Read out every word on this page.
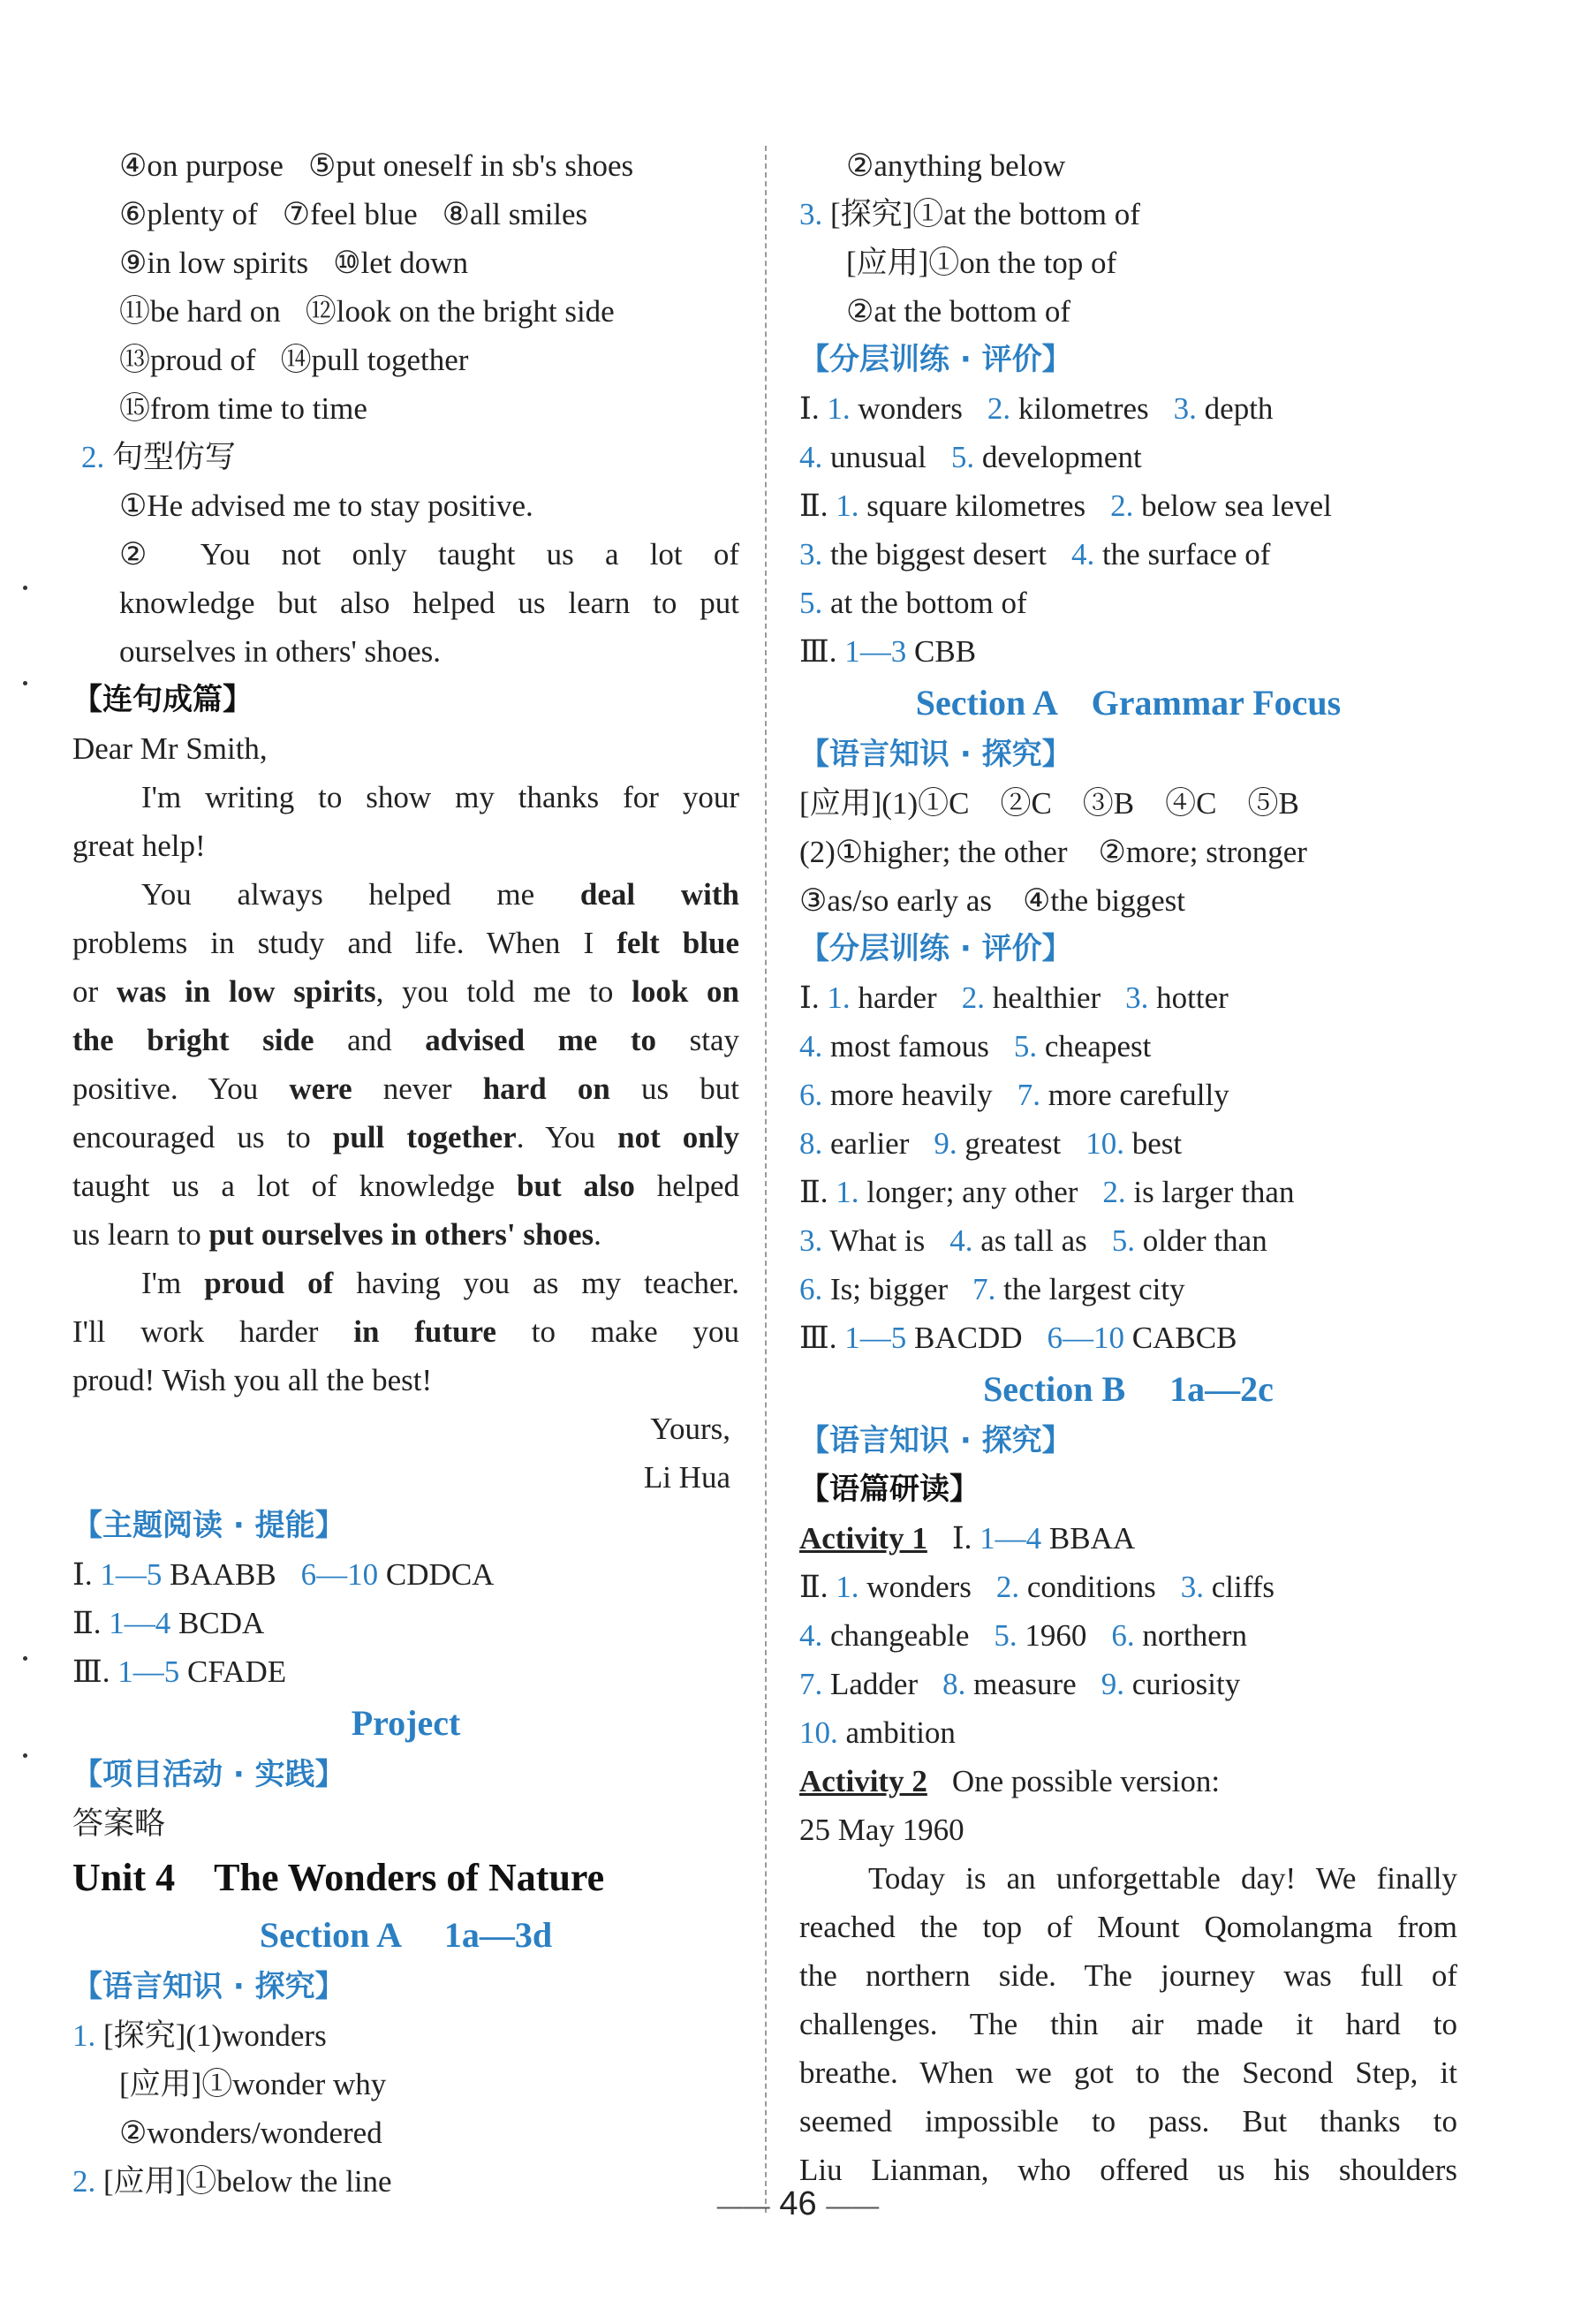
④on purpose ⑤put oneself in sb's shoes
⑥plenty of ⑦feel blue ⑧all smiles
⑨in low spirits ⑩let down
⑪be hard on ⑫look on the bright side
⑬proud of ⑭pull together
⑮from time to time
2. 句型仿写
①He advised me to stay positive.
② You not only taught us a lot of
knowledge but also helped us learn to put
ourselves in others' shoes.
【连句成篇】
Dear Mr Smith,
I'm writing to show my thanks for your
great help!
You always helped me deal with
problems in study and life. When I felt blue
or was in low spirits, you told me to look on
the bright side and advised me to stay
positive. You were never hard on us but
encouraged us to pull together. You not only
taught us a lot of knowledge but also helped
us learn to put ourselves in others' shoes.
I'm proud of having you as my teacher.
I'll work harder in future to make you
proud! Wish you all the best!
Yours,
Li Hua
【主题阅读 · 提能】
Ⅰ. 1—5 BAABB 6—10 CDDCA
Ⅱ. 1—4 BCDA
Ⅲ. 1—5 CFADE
Project
【项目活动 · 实践】
答案略
Unit 4　The Wonders of Nature
Section A　 1a—3d
【语言知识 · 探究】
1. [探究](1)wonders
[应用]①wonder why
②wonders/wondered
2. [应用]①below the line
②anything below
3. [探究]①at the bottom of
[应用]①on the top of
②at the bottom of
【分层训练 · 评价】
Ⅰ. 1. wonders 2. kilometres 3. depth
4. unusual 5. development
Ⅱ. 1. square kilometres 2. below sea level
3. the biggest desert 4. the surface of
5. at the bottom of
Ⅲ. 1—3 CBB
Section A　Grammar Focus
【语言知识 · 探究】
[应用](1)①C　②C　③B　④C　⑤B
(2)①higher; the other　②more; stronger
③as/so early as　④the biggest
【分层训练 · 评价】
Ⅰ. 1. harder 2. healthier 3. hotter
4. most famous 5. cheapest
6. more heavily 7. more carefully
8. earlier 9. greatest 10. best
Ⅱ. 1. longer; any other 2. is larger than
3. What is 4. as tall as 5. older than
6. Is; bigger 7. the largest city
Ⅲ. 1—5 BACDD 6—10 CABCB
Section B　 1a—2c
【语言知识 · 探究】
【语篇研读】
Activity 1 Ⅰ. 1—4 BBAA
Ⅱ. 1. wonders 2. conditions 3. cliffs
4. changeable 5. 1960 6. northern
7. Ladder 8. measure 9. curiosity
10. ambition
Activity 2 One possible version:
25 May 1960
Today is an unforgettable day! We finally
reached the top of Mount Qomolangma from
the northern side. The journey was full of
challenges. The thin air made it hard to
breathe. When we got to the Second Step, it
seemed impossible to pass. But thanks to
Liu Lianman, who offered us his shoulders
—— 46 ——
